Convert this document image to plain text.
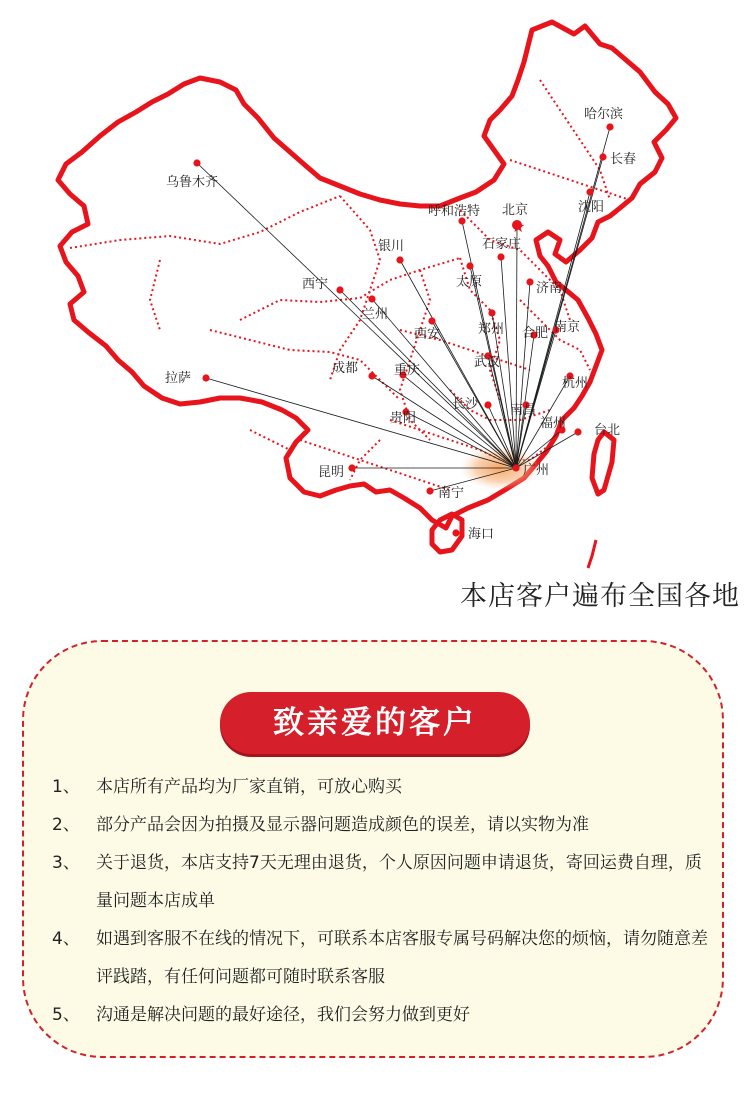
★
乌鲁木齐
哈尔滨
长春
沈阳
呼和浩特 北京
银川	石家庄
太原	济南
西宁
兰州
郑州
西安	合肥 南京
成都	武汉
拉萨
重庆
杭州
长沙 南昌
贵阳	福州 台北
昆明	广州
南宁
海口
本店客户遍布全国各地
致亲爱的客户
1、 本店所有产品均为厂家直销，可放心购买
2、 部分产品会因为拍摄及显示器问题造成颜色的误差，请以实物为准
3、 关于退货，本店支持7天无理由退货，个人原因问题申请退货，寄回运费自理，质量问题本店成单
4、 如遇到客服不在线的情况下，可联系本店客服专属号码解决您的烦恼，请勿随意差评践踏，有任何问题都可随时联系客服
5、 沟通是解决问题的最好途径，我们会努力做到更好
